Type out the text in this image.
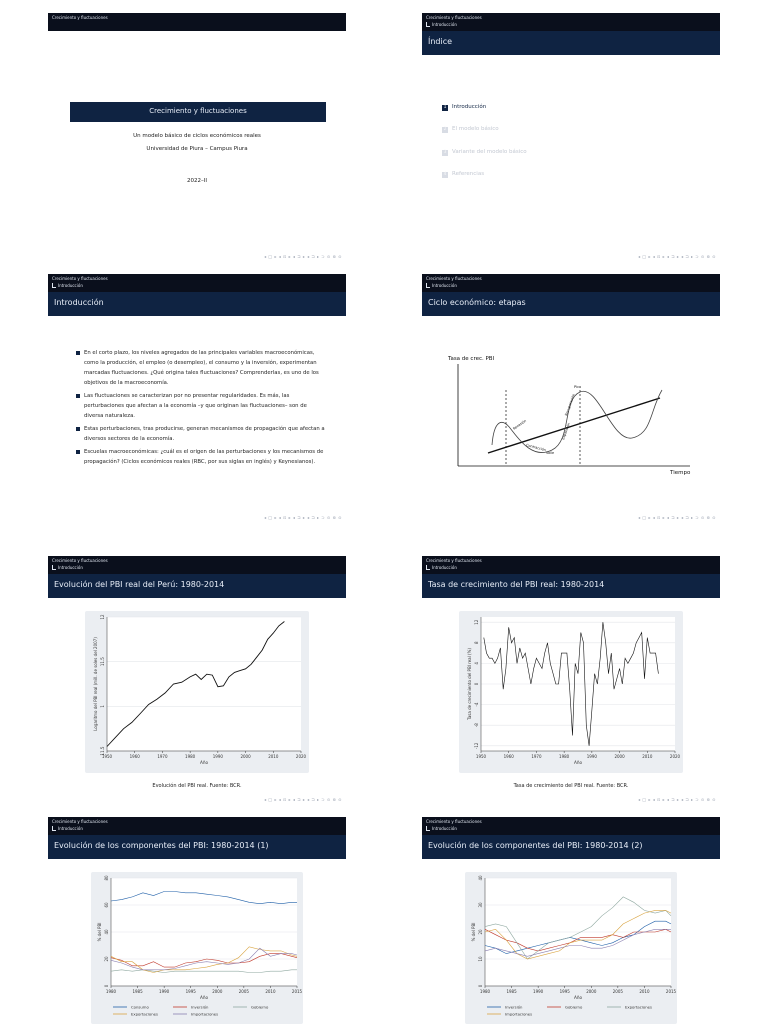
Crecimiento y fluctuaciones
Crecimiento y fluctuaciones
Un modelo básico de ciclos económicos reales
Universidad de Piura – Campus Piura
2022–II
◂ □ ▸ ◂ ⊡ ▸ ◂ ⊐ ▸ ◂ ⊐ ▸ ⊃ ⊙ ⊚ ⊙
Crecimiento y fluctuaciones
Introducción
Índice
1 Introducción
2 El modelo básico
3 Variante del modelo básico
4 Referencias
◂ □ ▸ ◂ ⊡ ▸ ◂ ⊐ ▸ ◂ ⊐ ▸ ⊃ ⊙ ⊚ ⊙
Crecimiento y fluctuaciones
Introducción
Introducción
En el corto plazo, los niveles agregados de las principales variables macroeconómicas, como la producción, el empleo (o desempleo), el consumo y la inversión, experimentan marcadas fluctuaciones. ¿Qué origina tales fluctuaciones? Comprenderlas, es uno de los objetivos de la macroeconomía.
Las fluctuaciones se caracterizan por no presentar regularidades. Es más, las perturbaciones que afectan a la economía –y que originan las fluctuaciones– son de diversa naturaleza.
Estas perturbaciones, tras producirse, generan mecanismos de propagación que afectan a diversos sectores de la economía.
Escuelas macroeconómicas: ¿cuál es el origen de las perturbaciones y los mecanismos de propagación? (Ciclos económicos reales (RBC, por sus siglas en inglés) y Keynesianos).
◂ □ ▸ ◂ ⊡ ▸ ◂ ⊐ ▸ ◂ ⊐ ▸ ⊃ ⊙ ⊚ ⊙
Crecimiento y fluctuaciones
Introducción
Ciclo económico: etapas
Tasa de crec. PBI
Tiempo
Pico
Recesión
Contracción
Valle
Expansión
Recuperación
◂ □ ▸ ◂ ⊡ ▸ ◂ ⊐ ▸ ◂ ⊐ ▸ ⊃ ⊙ ⊚ ⊙
Crecimiento y fluctuaciones
Introducción
Evolución del PBI real del Perú: 1980-2014
11.5
1
11.5
12
1950	1960	1970	1980	1990	2000	2010	2020
Año
Logaritmo del PBI real (mill. de soles del 2007)
Evolución del PBI real. Fuente: BCR.
◂ □ ▸ ◂ ⊡ ▸ ◂ ⊐ ▸ ◂ ⊐ ▸ ⊃ ⊙ ⊚ ⊙
Crecimiento y fluctuaciones
Introducción
Tasa de crecimiento del PBI real: 1980-2014
-12
-8
-4
0
4
8
12
1950	1960	1970	1980	1990	2000	2010	2020
Año
Tasa de crecimiento del PBI real (%)
Tasa de crecimiento del PBI real. Fuente: BCR.
◂ □ ▸ ◂ ⊡ ▸ ◂ ⊐ ▸ ◂ ⊐ ▸ ⊃ ⊙ ⊚ ⊙
Crecimiento y fluctuaciones
Introducción
Evolución de los componentes del PBI: 1980-2014 (1)
0
20
40
60
80
1980	1985	1990	1995	2000	2005	2010	2015
Año
% del PBI
Consumo	Inversión	Gobierno
Exportaciones	Importaciones
Crecimiento y fluctuaciones
Introducción
Evolución de los componentes del PBI: 1980-2014 (2)
0
10
20
30
40
1980	1985	1990	1995	2000	2005	2010	2015
Año
% del PBI
Inversión	Gobierno	Exportaciones
Importaciones
